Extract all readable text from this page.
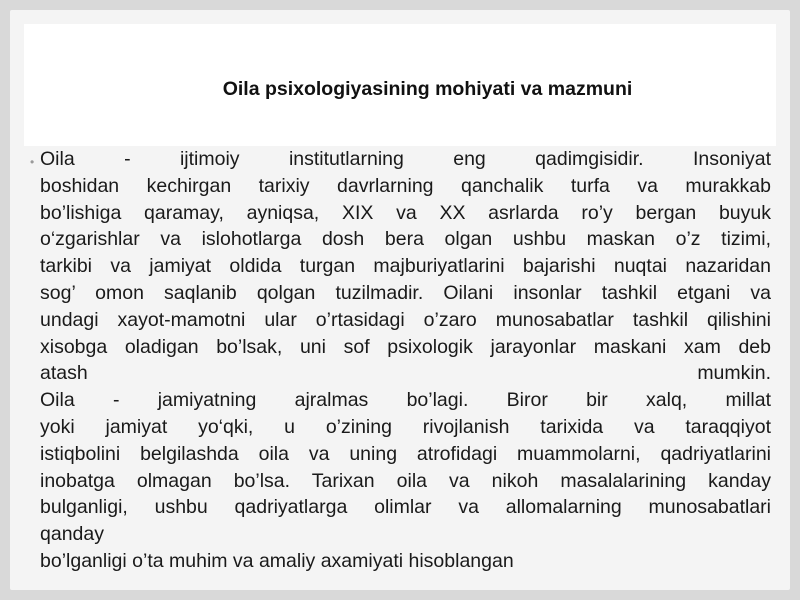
Oila psixologiyasining mohiyati va mazmuni
• Oila - ijtimoiy institutlarning eng qadimgisidir. Insoniyat

boshidan kechirgan tarixiy davrlarning qanchalik turfa va murakkab

bo’lishiga qaramay, ayniqsa, XIX va XX asrlarda ro’y bergan buyuk

o‘zgarishlar va islohotlarga dosh bera olgan ushbu maskan o’z tizimi,

tarkibi va jamiyat oldida turgan majburiyatlarini bajarishi nuqtai nazaridan

sog’ omon saqlanib qolgan tuzilmadir. Oilani insonlar tashkil etgani va

undagi xayot-mamotni ular o’rtasidagi o’zaro munosabatlar tashkil qilishini

xisobga oladigan bo’lsak, uni sof psixologik jarayonlar maskani xam deb

atash	mumkin.

Oila - jamiyatning ajralmas bo’lagi. Biror bir xalq, millat

yoki jamiyat yo‘qki, u o’zining rivojlanish tarixida va taraqqiyot

istiqbolini belgilashda oila va uning atrofidagi muammolarni, qadriyatlarini

inobatga olmagan bo’lsa. Tarixan oila va nikoh masalalarining kanday

bulganligi, ushbu qadriyatlarga olimlar va allomalarning munosabatlari

qanday

bo’lganligi o’ta muhim va amaliy axamiyati hisoblangan
